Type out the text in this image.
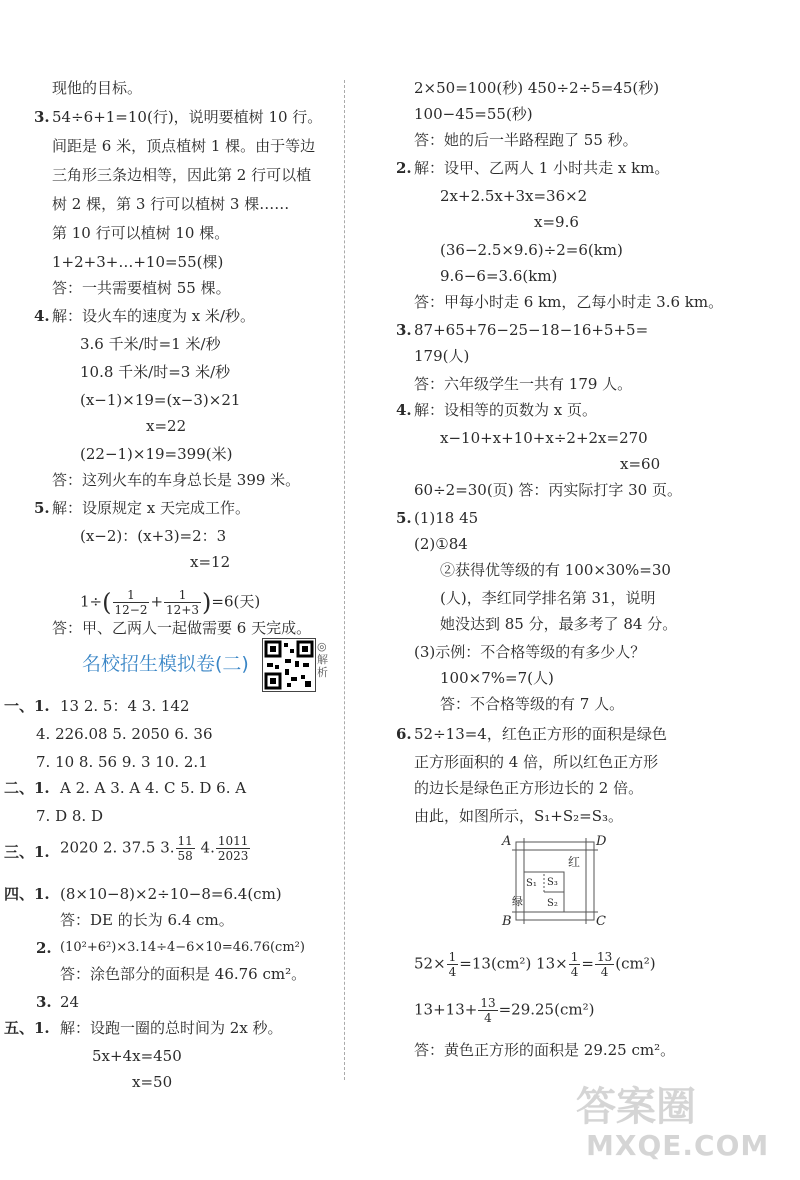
现他的目标。
3. 54÷6+1=10(行)，说明要植树 10 行。
间距是 6 米，顶点植树 1 棵。由于等边
三角形三条边相等，因此第 2 行可以植
树 2 棵，第 3 行可以植树 3 棵……
第 10 行可以植树 10 棵。
1+2+3+…+10=55(棵)
答：一共需要植树 55 棵。
4. 解：设火车的速度为 x 米/秒。
3.6 千米/时=1 米/秒
10.8 千米/时=3 米/秒
(x−1)×19=(x−3)×21
x=22
(22−1)×19=399(米)
答：这列火车的车身总长是 399 米。
5. 解：设原规定 x 天完成工作。
(x−2)：(x+3)=2：3
x=12
$1\div( \frac{1}{12-2} + \frac{1}{12+3} )=6$(天)
答：甲、乙两人一起做需要 6 天完成。
名校招生模拟卷(二)
◎解析
一、1. 13 2. 5：4 3. 142
4. 226.08 5. 2050 6. 36
7. 10 8. 56 9. 3 10. 2.1
二、1. A 2. A 3. A 4. C 5. D 6. A
7. D 8. D
三、1. 2020 2. 37.5 3. $\frac{11}{58} 4$. $\frac{1011}{2023}$
四、1. (8×10−8)×2÷10−8=6.4(cm)
答：DE 的长为 6.4 cm。
2. (10²+6²)×3.14÷4−6×10=46.76(cm²)
答：涂色部分的面积是 46.76 cm²。
3. 24
五、1. 解：设跑一圈的总时间为 2x 秒。
5x+4x=450
x=50
2×50=100(秒) 450÷2÷5=45(秒)
100−45=55(秒)
答：她的后一半路程跑了 55 秒。
2. 解：设甲、乙两人 1 小时共走 x km。
2x+2.5x+3x=36×2
x=9.6
(36−2.5×9.6)÷2=6(km)
9.6−6=3.6(km)
答：甲每小时走 6 km，乙每小时走 3.6 km。
3. 87+65+76−25−18−16+5+5=
179(人)
答：六年级学生一共有 179 人。
4. 解：设相等的页数为 x 页。
x−10+x+10+x÷2+2x=270
x=60
60÷2=30(页) 答：丙实际打字 30 页。
5. (1)18 45
(2)①84
②获得优等级的有 100×30%=30
(人)，李红同学排名第 31，说明
她没达到 85 分，最多考了 84 分。
(3)示例：不合格等级的有多少人？
100×7%=7(人)
答：不合格等级的有 7 人。
6. 52÷13=4，红色正方形的面积是绿色
正方形面积的 4 倍，所以红色正方形
的边长是绿色正方形边长的 2 倍。
由此，如图所示，S₁+S₂=S₃。
A	D
B	C
红
绿
S₁
S₂
S₃
$52\times \frac{1}{4} =13(cm^2)$ $13\times \frac{1}{4} = \frac{13}{4} (cm^2)$
$13+13+ \frac{13}{4} =29.25(cm^2)$
答：黄色正方形的面积是 29.25 cm²。
答案圈
MXQE.COM
